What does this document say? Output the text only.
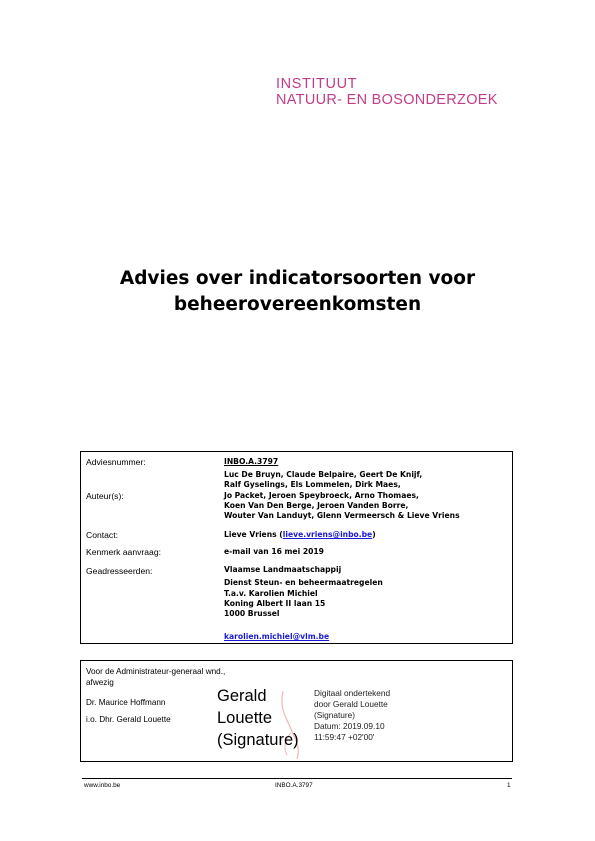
INSTITUUT
NATUUR- EN BOSONDERZOEK
Advies over indicatorsoorten voor
beheerovereenkomsten
Adviesnummer:	INBO.A.3797
Auteur(s):
Luc De Bruyn, Claude Belpaire, Geert De Knijf,
Ralf Gyselings, Els Lommelen, Dirk Maes,
Jo Packet, Jeroen Speybroeck, Arno Thomaes,
Koen Van Den Berge, Jeroen Vanden Borre,
Wouter Van Landuyt, Glenn Vermeersch & Lieve Vriens
Contact:	Lieve Vriens (lieve.vriens@inbo.be)
Kenmerk aanvraag:	e-mail van 16 mei 2019
Geadresseerden:	Vlaamse Landmaatschappij
Dienst Steun- en beheermaatregelen
T.a.v. Karolien Michiel
Koning Albert II laan 15
1000 Brussel
karolien.michiel@vlm.be
Voor de Administrateur-generaal wnd.,
afwezig
Dr. Maurice Hoffmann
i.o. Dhr. Gerald Louette
Gerald
Louette
(Signature)
Digitaal ondertekend
door Gerald Louette
(Signature)
Datum: 2019.09.10
11:59:47 +02'00'
www.inbo.be	INBO.A.3797	1
